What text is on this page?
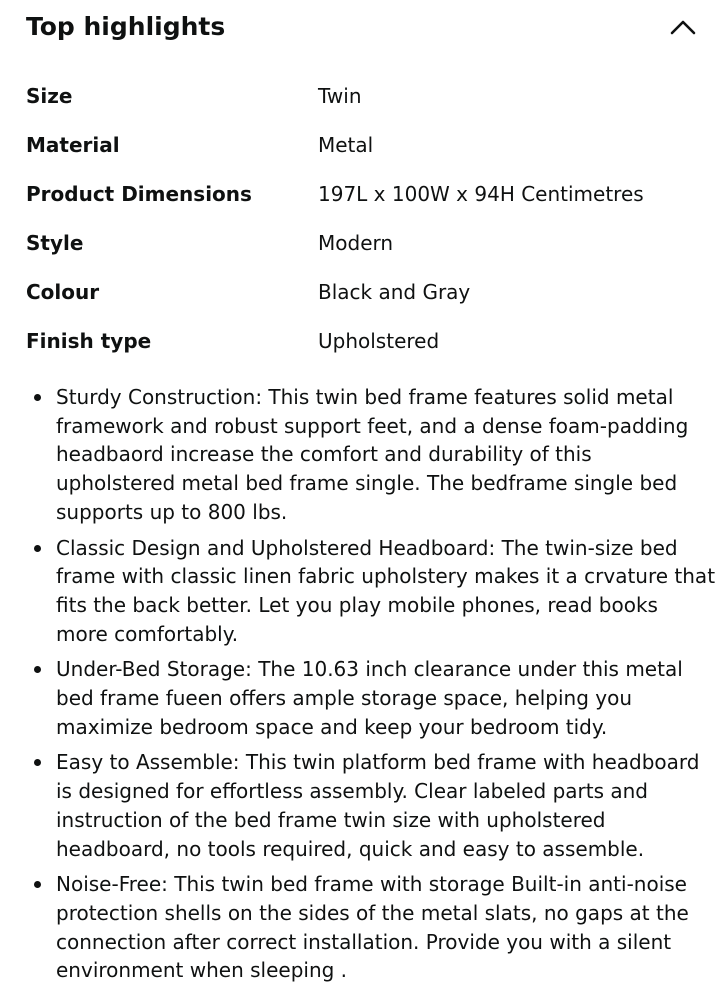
Top highlights
Size	Twin
Material	Metal
Product Dimensions	197L x 100W x 94H Centimetres
Style	Modern
Colour	Black and Gray
Finish type	Upholstered
Sturdy Construction: This twin bed frame features solid metal
framework and robust support feet, and a dense foam-padding
headbaord increase the comfort and durability of this
upholstered metal bed frame single. The bedframe single bed
supports up to 800 lbs.
Classic Design and Upholstered Headboard: The twin-size bed
frame with classic linen fabric upholstery makes it a crvature that
fits the back better. Let you play mobile phones, read books
more comfortably.
Under-Bed Storage: The 10.63 inch clearance under this metal
bed frame fueen offers ample storage space, helping you
maximize bedroom space and keep your bedroom tidy.
Easy to Assemble: This twin platform bed frame with headboard
is designed for effortless assembly. Clear labeled parts and
instruction of the bed frame twin size with upholstered
headboard, no tools required, quick and easy to assemble.
Noise-Free: This twin bed frame with storage Built-in anti-noise
protection shells on the sides of the metal slats, no gaps at the
connection after correct installation. Provide you with a silent
environment when sleeping .
